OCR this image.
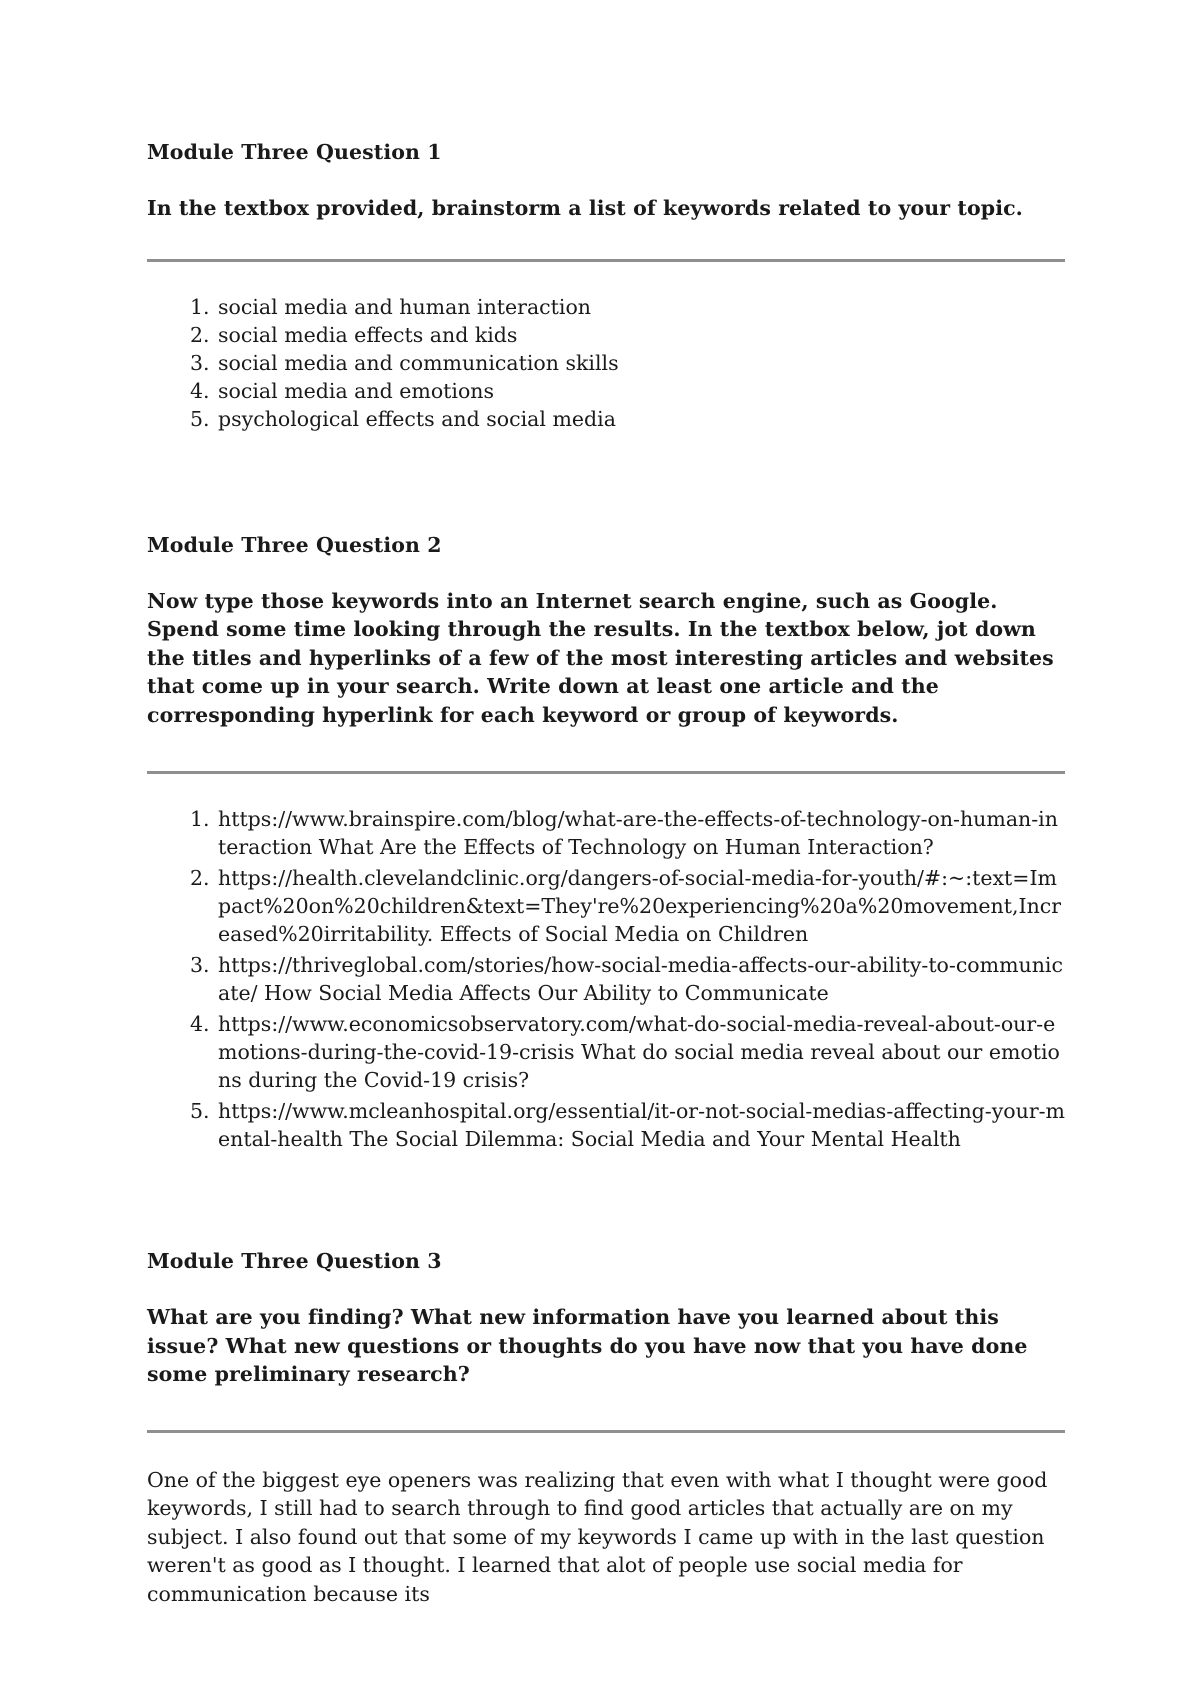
Module Three Question 1

In the textbox provided, brainstorm a list of keywords related to your topic.

1. social media and human interaction
2. social media effects and kids
3. social media and communication skills
4. social media and emotions
5. psychological effects and social media

Module Three Question 2

Now type those keywords into an Internet search engine, such as Google. Spend some time looking through the results. In the textbox below, jot down the titles and hyperlinks of a few of the most interesting articles and websites that come up in your search. Write down at least one article and the corresponding hyperlink for each keyword or group of keywords.

1. https://www.brainspire.com/blog/what-are-the-effects-of-technology-on-human-interaction What Are the Effects of Technology on Human Interaction?
2. https://health.clevelandclinic.org/dangers-of-social-media-for-youth/#:~:text=Impact%20on%20children&text=They're%20experiencing%20a%20movement,Increased%20irritability. Effects of Social Media on Children
3. https://thriveglobal.com/stories/how-social-media-affects-our-ability-to-communicate/ How Social Media Affects Our Ability to Communicate
4. https://www.economicsobservatory.com/what-do-social-media-reveal-about-our-emotions-during-the-covid-19-crisis What do social media reveal about our emotions during the Covid-19 crisis?
5. https://www.mcleanhospital.org/essential/it-or-not-social-medias-affecting-your-mental-health The Social Dilemma: Social Media and Your Mental Health

Module Three Question 3

What are you finding? What new information have you learned about this issue? What new questions or thoughts do you have now that you have done some preliminary research?

One of the biggest eye openers was realizing that even with what I thought were good keywords, I still had to search through to find good articles that actually are on my subject. I also found out that some of my keywords I came up with in the last question weren't as good as I thought. I learned that alot of people use social media for communication because its
